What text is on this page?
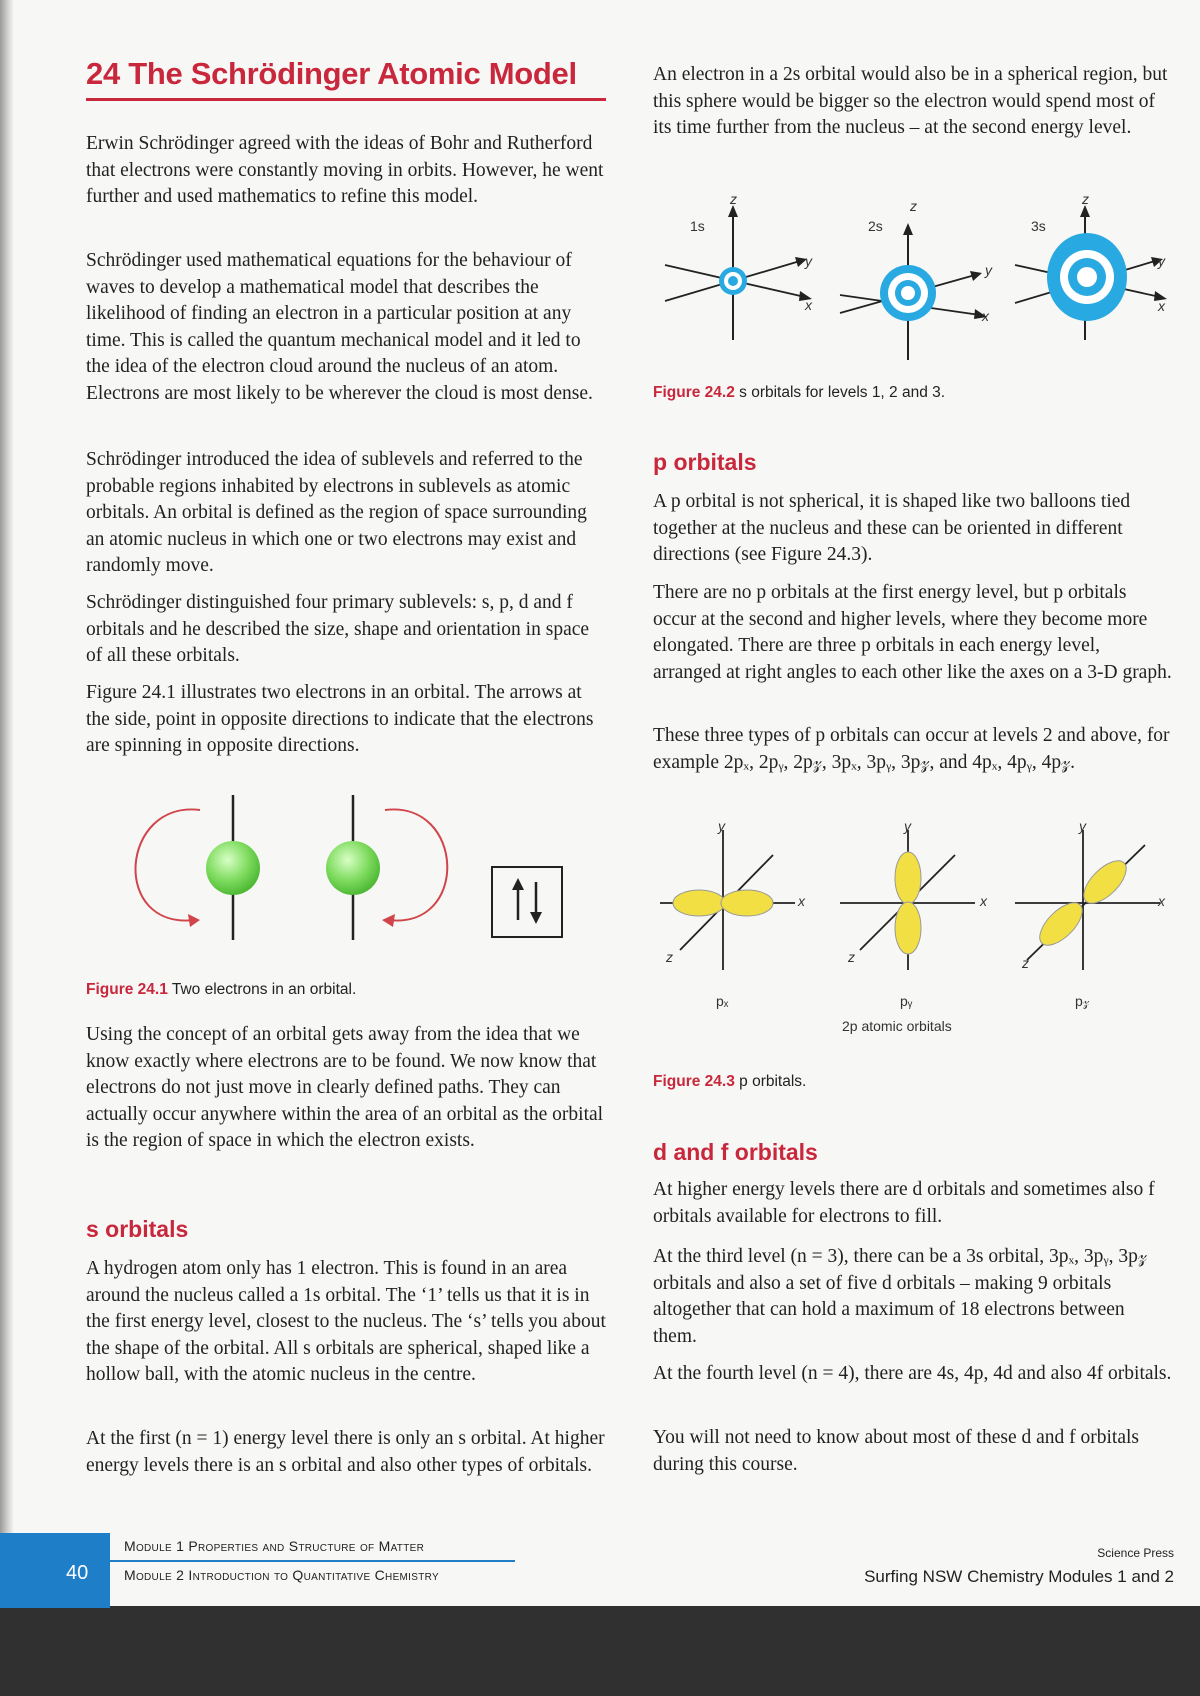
24 The Schrödinger Atomic Model

Erwin Schrödinger agreed with the ideas of Bohr and Rutherford that electrons were constantly moving in orbits. However, he went further and used mathematics to refine this model.

Schrödinger used mathematical equations for the behaviour of waves to develop a mathematical model that describes the likelihood of finding an electron in a particular position at any time. This is called the quantum mechanical model and it led to the idea of the electron cloud around the nucleus of an atom. Electrons are most likely to be wherever the cloud is most dense.

Schrödinger introduced the idea of sublevels and referred to the probable regions inhabited by electrons in sublevels as atomic orbitals. An orbital is defined as the region of space surrounding an atomic nucleus in which one or two electrons may exist and randomly move.

Schrödinger distinguished four primary sublevels: s, p, d and f orbitals and he described the size, shape and orientation in space of all these orbitals.

Figure 24.1 illustrates two electrons in an orbital. The arrows at the side, point in opposite directions to indicate that the electrons are spinning in opposite directions.

Figure 24.1 Two electrons in an orbital.

Using the concept of an orbital gets away from the idea that we know exactly where electrons are to be found. We now know that electrons do not just move in clearly defined paths. They can actually occur anywhere within the area of an orbital as the orbital is the region of space in which the electron exists.

s orbitals

A hydrogen atom only has 1 electron. This is found in an area around the nucleus called a 1s orbital. The ‘1’ tells us that it is in the first energy level, closest to the nucleus. The ‘s’ tells you about the shape of the orbital. All s orbitals are spherical, shaped like a hollow ball, with the atomic nucleus in the centre.

At the first (n = 1) energy level there is only an s orbital. At higher energy levels there is an s orbital and also other types of orbitals.

An electron in a 2s orbital would also be in a spherical region, but this sphere would be bigger so the electron would spend most of its time further from the nucleus – at the second energy level.

1s	2s	3s
z	z	z
y
x
y
x
y
x
Figure 24.2 s orbitals for levels 1, 2 and 3.
p orbitals

A p orbital is not spherical, it is shaped like two balloons tied together at the nucleus and these can be oriented in different directions (see Figure 24.3).

There are no p orbitals at the first energy level, but p orbitals occur at the second and higher levels, where they become more elongated. There are three p orbitals in each energy level, arranged at right angles to each other like the axes on a 3-D graph.

These three types of p orbitals can occur at levels 2 and above, for example 2pₓ, 2pᵧ, 2p𝓏, 3pₓ, 3pᵧ, 3p𝓏, and 4pₓ, 4pᵧ, 4p𝓏.

y	y	y
x	x	x
z	z	z
pₓ	pᵧ	p𝓏
2p atomic orbitals
Figure 24.3 p orbitals.
d and f orbitals

At higher energy levels there are d orbitals and sometimes also f orbitals available for electrons to fill.

At the third level (n = 3), there can be a 3s orbital, 3pₓ, 3pᵧ, 3p𝓏 orbitals and also a set of five d orbitals – making 9 orbitals altogether that can hold a maximum of 18 electrons between them.

At the fourth level (n = 4), there are 4s, 4p, 4d and also 4f orbitals.

You will not need to know about most of these d and f orbitals during this course.

40
Module 1 Properties and Structure of Matter
Module 2 Introduction to Quantitative Chemistry
Science Press
Surfing NSW Chemistry Modules 1 and 2
